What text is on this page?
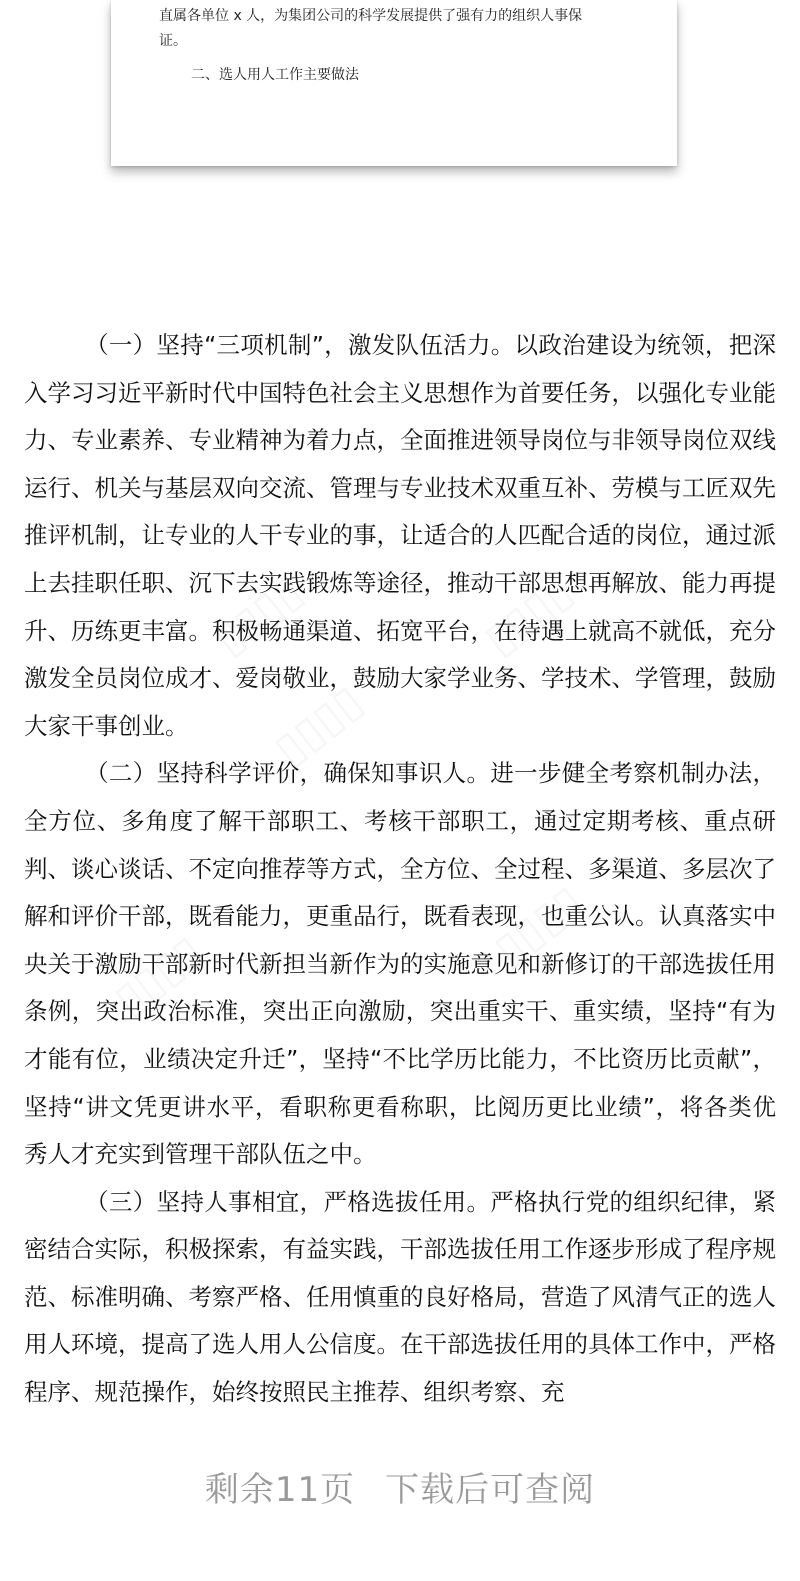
直属各单位 x 人，为集团公司的科学发展提供了强有力的组织人事保

证。

二、选人用人工作主要做法

（一）坚持“三项机制”，激发队伍活力。以政治建设为统领，把深入学习习近平新时代中国特色社会主义思想作为首要任务，以强化专业能力、专业素养、专业精神为着力点，全面推进领导岗位与非领导岗位双线运行、机关与基层双向交流、管理与专业技术双重互补、劳模与工匠双先推评机制，让专业的人干专业的事，让适合的人匹配合适的岗位，通过派上去挂职任职、沉下去实践锻炼等途径，推动干部思想再解放、能力再提升、历练更丰富。积极畅通渠道、拓宽平台，在待遇上就高不就低，充分激发全员岗位成才、爱岗敬业，鼓励大家学业务、学技术、学管理，鼓励大家干事创业。

（二）坚持科学评价，确保知事识人。进一步健全考察机制办法，全方位、多角度了解干部职工、考核干部职工，通过定期考核、重点研判、谈心谈话、不定向推荐等方式，全方位、全过程、多渠道、多层次了解和评价干部，既看能力，更重品行，既看表现，也重公认。认真落实中央关于激励干部新时代新担当新作为的实施意见和新修订的干部选拔任用条例，突出政治标准，突出正向激励，突出重实干、重实绩，坚持“有为才能有位，业绩决定升迁”，坚持“不比学历比能力，不比资历比贡献”，坚持“讲文凭更讲水平，看职称更看称职，比阅历更比业绩”，将各类优秀人才充实到管理干部队伍之中。

（三）坚持人事相宜，严格选拔任用。严格执行党的组织纪律，紧密结合实际，积极探索，有益实践，干部选拔任用工作逐步形成了程序规范、标准明确、考察严格、任用慎重的良好格局，营造了风清气正的选人用人环境，提高了选人用人公信度。在干部选拔任用的具体工作中，严格程序、规范操作，始终按照民主推荐、组织考察、充

剩余11页 下载后可查阅
